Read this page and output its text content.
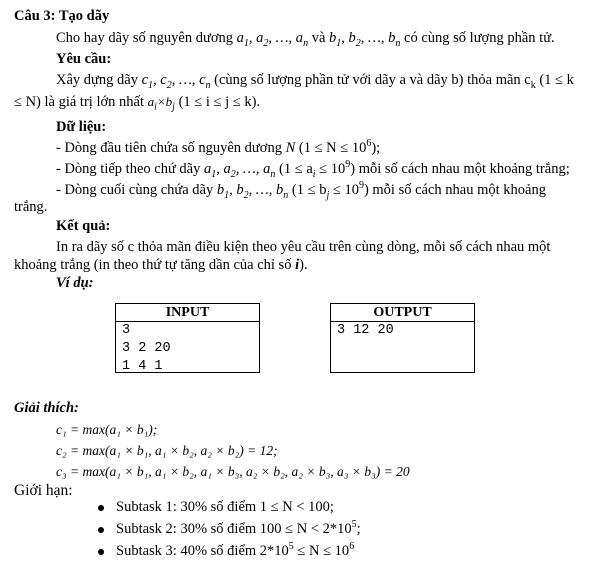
Câu 3: Tạo dãy
Cho hay dãy số nguyên dương $a_1$, $a_2$, …, $a_n$ và $b_1$, $b_2$, …, $b_n$ có cùng số lượng phần tử.
Yêu cầu:
Xây dựng dãy $c_1$, $c_2$, …, $c_n$ (cùng số lượng phần tử với dãy a và dãy b) thỏa mãn $c_k$ (1 ≤ k
≤ N) là giá trị lớn nhất $a_i\times b_j$ (1 ≤ i ≤ j ≤ k).
Dữ liệu:
- Dòng đầu tiên chứa số nguyên dương N $(1 \le N \le 10^6)$;
- Dòng tiếp theo chứ dãy $a_1$, $a_2$, …, $a_n$ $(1 \le a_i \le 10^9)$ mỗi số cách nhau một khoảng trắng;
- Dòng cuối cùng chứa dãy $b_1$, $b_2$, …, $b_n$ $(1 \le b_j \le 10^9)$ mỗi số cách nhau một khoảng
trắng.
Kết quả:
In ra dãy số c thỏa mãn điều kiện theo yêu cầu trên cùng dòng, mỗi số cách nhau một
khoảng trắng (in theo thứ tự tăng dần của chỉ số i).
Ví dụ:
INPUT
3
3 2 20
1 4 1
OUTPUT
3 12 20
Giải thích:
c₁ = max(a₁ × b₁);
c₂ = max(a₁ × b₁, a₁ × b₂, a₂ × b₂) = 12;
c₃ = max(a₁ × b₁, a₁ × b₂, a₁ × b₃, a₂ × b₂, a₂ × b₃, a₃ × b₃) = 20
Giới hạn:
Subtask 1: 30% số điểm 1 ≤ N < 100;
Subtask 2: 30% số điểm $100 \le N < 2*10^5$;
Subtask 3: 40% số điểm $2*10^5 \le N \le 10^6$
